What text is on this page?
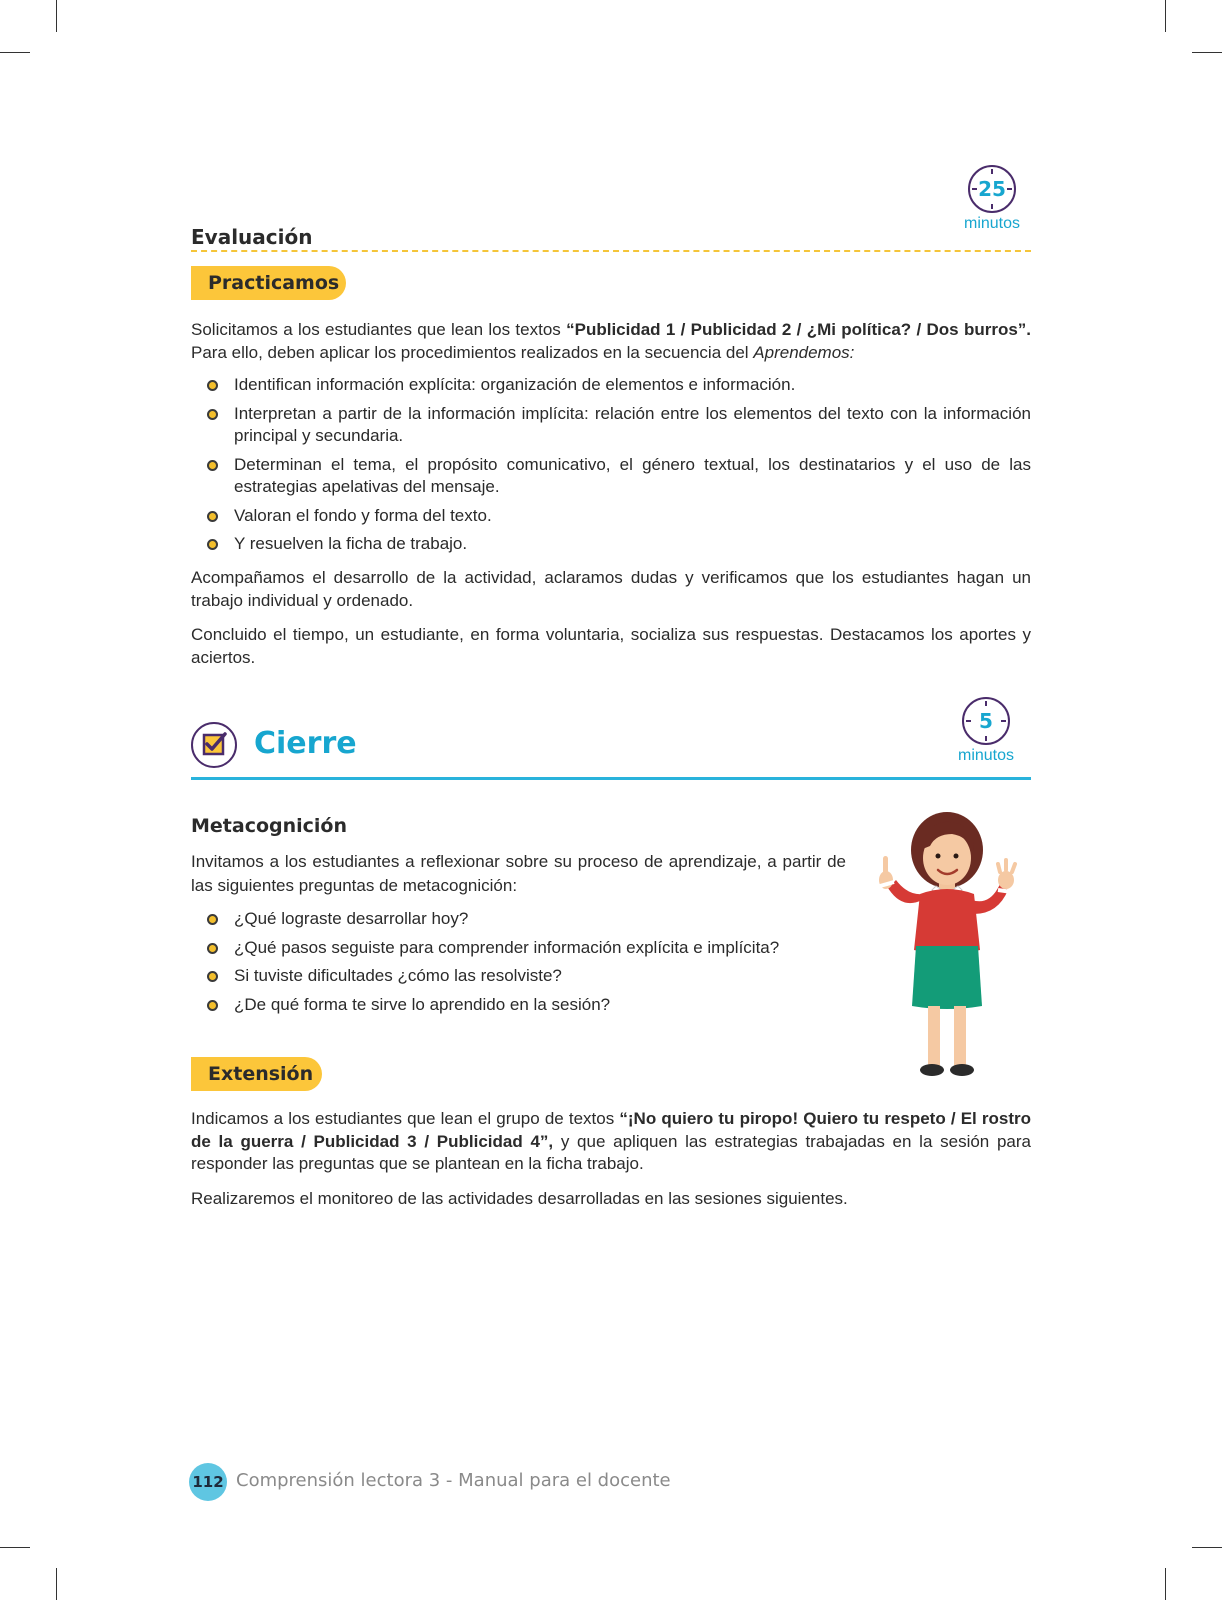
Evaluación
25
minutos
Practicamos
Solicitamos a los estudiantes que lean los textos “Publicidad 1 / Publicidad 2 / ¿Mi política? / Dos burros”. Para ello, deben aplicar los procedimientos realizados en la secuencia del Aprendemos:
Identifican información explícita: organización de elementos e información.
Interpretan a partir de la información implícita: relación entre los elementos del texto con la información principal y secundaria.
Determinan el tema, el propósito comunicativo, el género textual, los destinatarios y el uso de las estrategias apelativas del mensaje.
Valoran el fondo y forma del texto.
Y resuelven la ficha de trabajo.
Acompañamos el desarrollo de la actividad, aclaramos dudas y verificamos que los estudiantes hagan un trabajo individual y ordenado.
Concluido el tiempo, un estudiante, en forma voluntaria, socializa sus respuestas. Destacamos los aportes y aciertos.
Cierre
5
minutos
Metacognición
Invitamos a los estudiantes a reflexionar sobre su proceso de aprendizaje, a partir de las siguientes preguntas de metacognición:
¿Qué lograste desarrollar hoy?
¿Qué pasos seguiste para comprender información explícita e implícita?
Si tuviste dificultades ¿cómo las resolviste?
¿De qué forma te sirve lo aprendido en la sesión?
Extensión
Indicamos a los estudiantes que lean el grupo de textos “¡No quiero tu piropo! Quiero tu respeto / El rostro de la guerra / Publicidad 3 / Publicidad 4”, y que apliquen las estrategias trabajadas en la sesión para responder las preguntas que se plantean en la ficha trabajo.
Realizaremos el monitoreo de las actividades desarrolladas en las sesiones siguientes.
112 Comprensión lectora 3 - Manual para el docente
